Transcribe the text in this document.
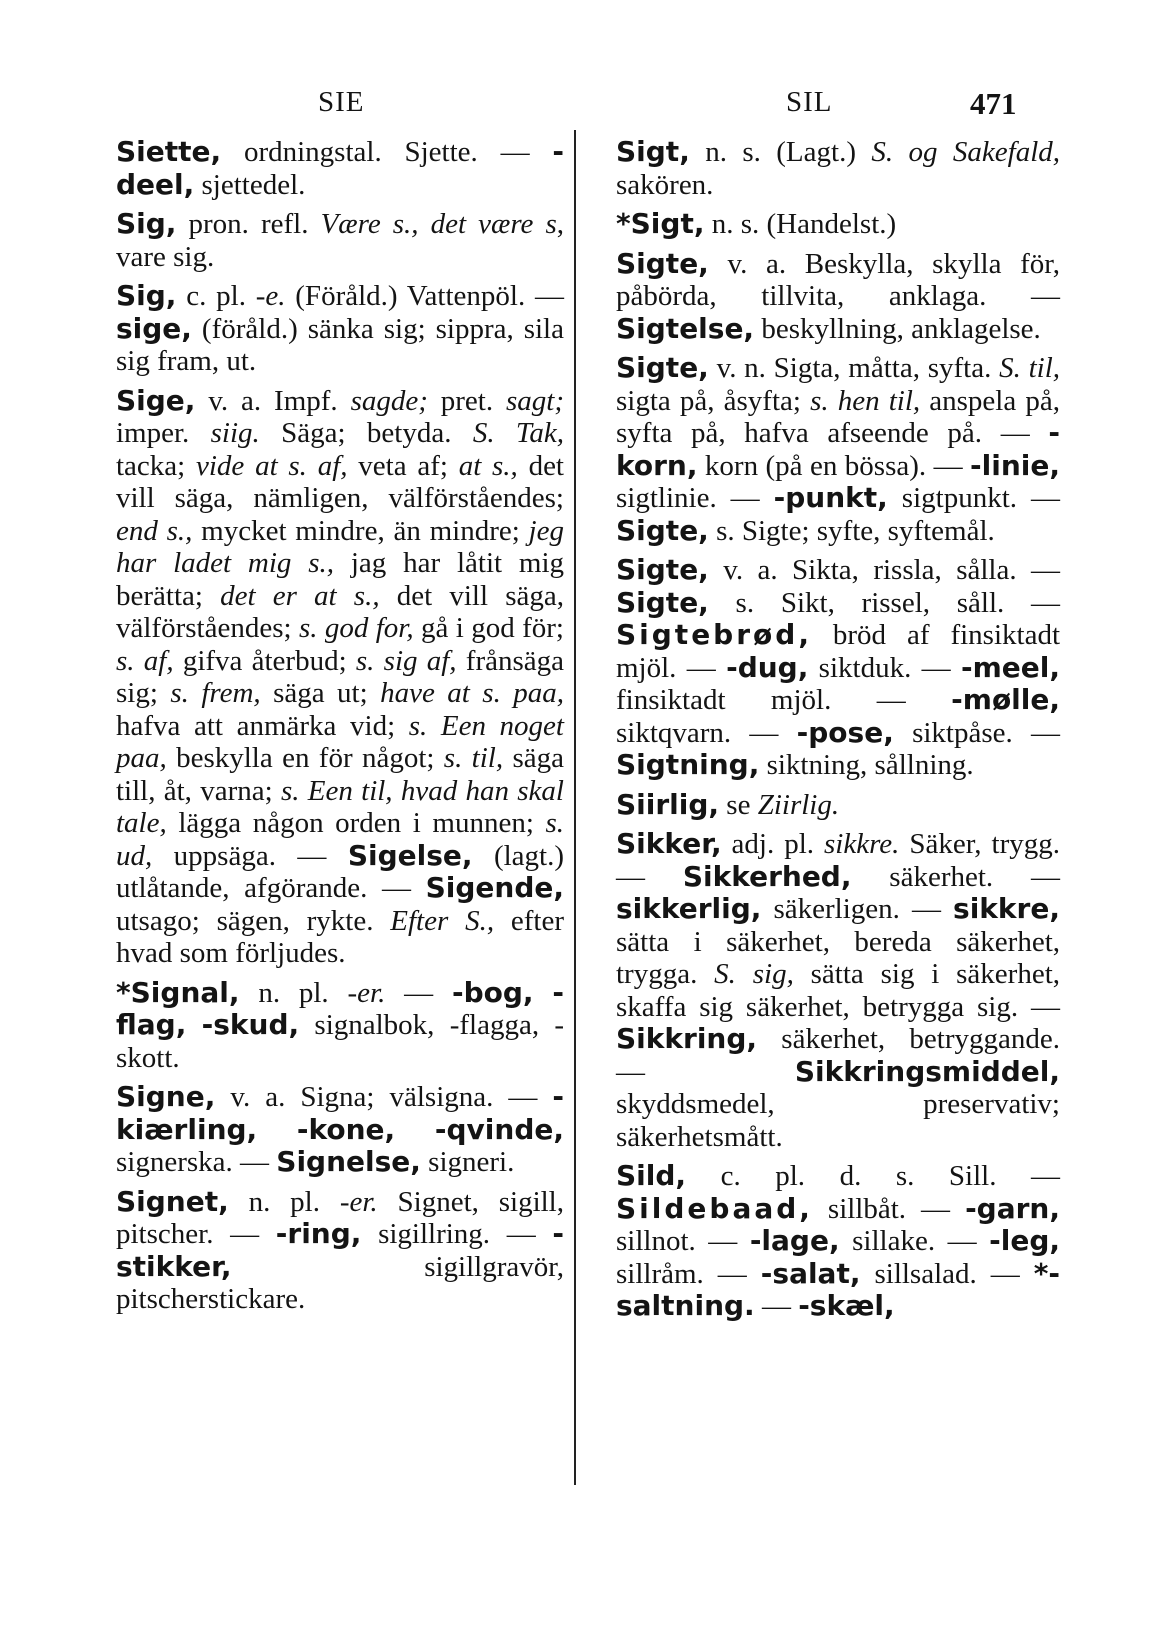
SIE	SIL	471
Siette, ordningstal. Sjette. — -deel, sjettedel.
Sig, pron. refl. Være s., det være s, vare sig.
Sig, c. pl. -e. (Föråld.) Vattenpöl. — sige, (föråld.) sänka sig; sippra, sila sig fram, ut.
Sige, v. a. Impf. sagde; pret. sagt; imper. siig. Säga; betyda. S. Tak, tacka; vide at s. af, veta af; at s., det vill säga, nämligen, välförståendes; end s., mycket mindre, än mindre; jeg har ladet mig s., jag har låtit mig berätta; det er at s., det vill säga, välförståendes; s. god for, gå i god för; s. af, gifva återbud; s. sig af, frånsäga sig; s. frem, säga ut; have at s. paa, hafva att anmärka vid; s. Een noget paa, beskylla en för något; s. til, säga till, åt, varna; s. Een til, hvad han skal tale, lägga någon orden i munnen; s. ud, uppsäga. — Sigelse, (lagt.) utlåtande, afgörande. — Sigende, utsago; sägen, rykte. Efter S., efter hvad som förljudes.
*Signal, n. pl. -er. — -bog, -flag, -skud, signalbok, -flagga, -skott.
Signe, v. a. Signa; välsigna. — -kiærling, -kone, -qvinde, signerska. — Signelse, signeri.
Signet, n. pl. -er. Signet, sigill, pitscher. — -ring, sigillring. — -stikker, sigillgravör, pitscherstickare.
Sigt, n. s. (Lagt.) S. og Sakefald, sakören.
*Sigt, n. s. (Handelst.)
Sigte, v. a. Beskylla, skylla för, påbörda, tillvita, anklaga. — Sigtelse, beskyllning, anklagelse.
Sigte, v. n. Sigta, måtta, syfta. S. til, sigta på, åsyfta; s. hen til, anspela på, syfta på, hafva afseende på. — -korn, korn (på en bössa). — -linie, sigtlinie. — -punkt, sigtpunkt. — Sigte, s. Sigte; syfte, syftemål.
Sigte, v. a. Sikta, rissla, sålla. — Sigte, s. Sikt, rissel, såll. — Sigtebrød, bröd af finsiktadt mjöl. — -dug, siktduk. — -meel, finsiktadt mjöl. — -mølle, siktqvarn. — -pose, siktpåse. — Sigtning, siktning, sållning.
Siirlig, se Ziirlig.
Sikker, adj. pl. sikkre. Säker, trygg. — Sikkerhed, säkerhet. — sikkerlig, säkerligen. — sikkre, sätta i säkerhet, bereda säkerhet, trygga. S. sig, sätta sig i säkerhet, skaffa sig säkerhet, betrygga sig. — Sikkring, säkerhet, betryggande. — Sikkringsmiddel, skyddsmedel, preservativ; säkerhetsmått.
Sild, c. pl. d. s. Sill. — Sildebaad, sillbåt. — -garn, sillnot. — -lage, sillake. — -leg, sillråm. — -salat, sillsalad. — *-saltning. — -skæl,
